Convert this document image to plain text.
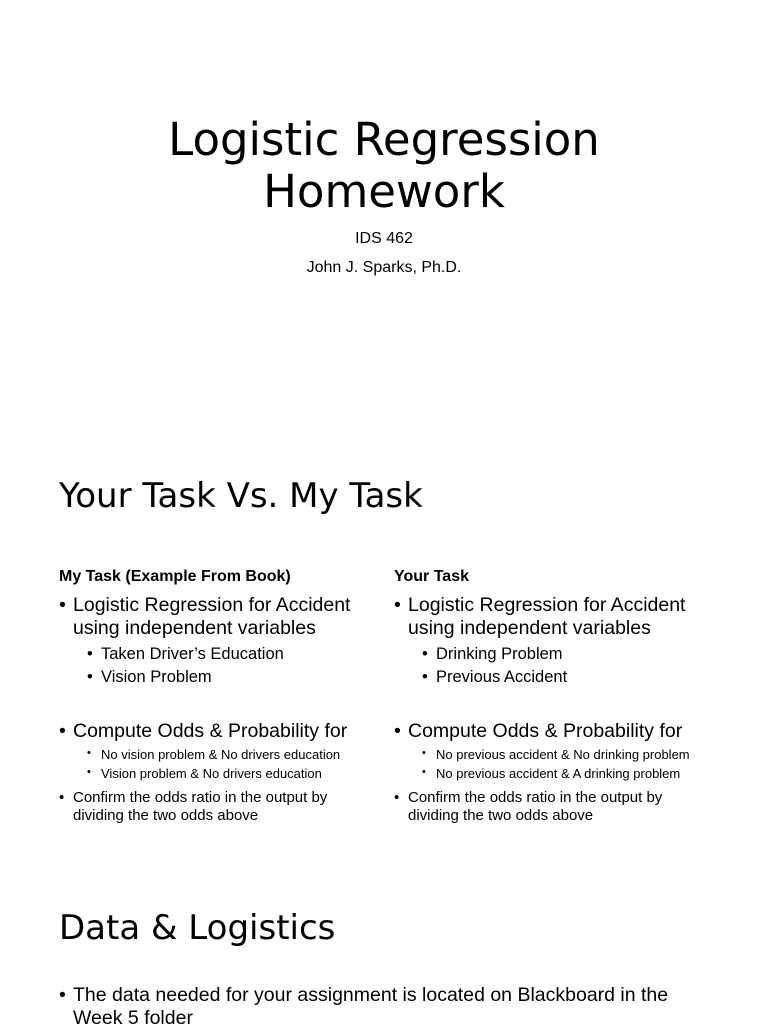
Logistic Regression
Homework
IDS 462
John J. Sparks, Ph.D.
Your Task Vs. My Task
My Task (Example From Book)
• Logistic Regression for Accident
using independent variables
• Taken Driver’s Education
• Vision Problem
• Compute Odds & Probability for
• No vision problem & No drivers education
• Vision problem & No drivers education
• Confirm the odds ratio in the output by
dividing the two odds above
Your Task
• Logistic Regression for Accident
using independent variables
• Drinking Problem
• Previous Accident
• Compute Odds & Probability for
• No previous accident & No drinking problem
• No previous accident & A drinking problem
• Confirm the odds ratio in the output by
dividing the two odds above
Data & Logistics
• The data needed for your assignment is located on Blackboard in the
Week 5 folder
